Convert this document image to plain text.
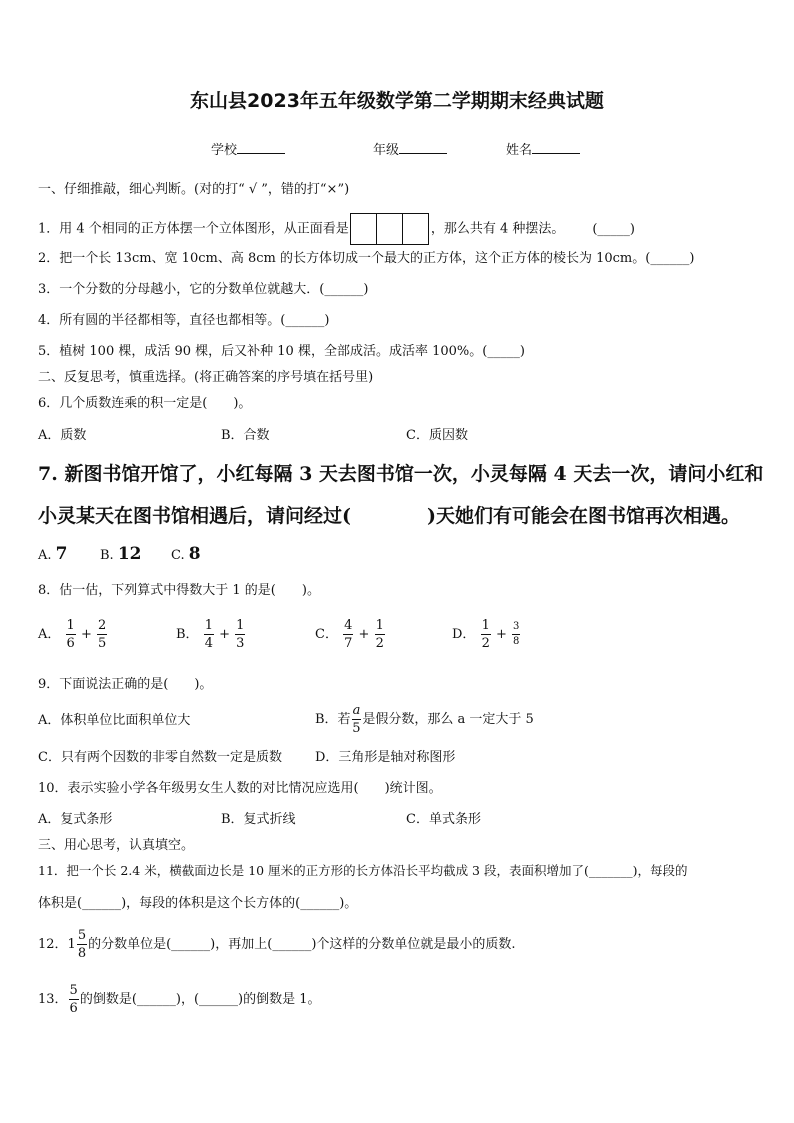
东山县2023年五年级数学第二学期期末经典试题
学校	年级	姓名
一、仔细推敲，细心判断。(对的打“ √ ”，错的打“×”)
1．用 4 个相同的正方体摆一个立体图形，从正面看是	，那么共有 4 种摆法。 (_____)
2．把一个长 13cm、宽 10cm、高 8cm 的长方体切成一个最大的正方体，这个正方体的棱长为 10cm。(______)
3．一个分数的分母越小，它的分数单位就越大．(______)
4．所有圆的半径都相等，直径也都相等。(______)
5．植树 100 棵，成活 90 棵，后又补种 10 棵，全部成活。成活率 100%。(_____)
二、反复思考，慎重选择。(将正确答案的序号填在括号里)
6．几个质数连乘的积一定是(　　)。
A．质数	B．合数	C．质因数
7. 新图书馆开馆了，小红每隔 3 天去图书馆一次，小灵每隔 4 天去一次，请问小红和
小灵某天在图书馆相遇后，请问经过(　　　　)天她们有可能会在图书馆再次相遇。
A. 7 B. 12 C. 8
8．估一估，下列算式中得数大于 1 的是(　　)。
A． $\frac{1}{6} + \frac{2}{5}$	B． $\frac{1}{4} + \frac{1}{3}$	C． $\frac{4}{7} + \frac{1}{2}$	D． $\frac{1}{2} + \frac{3}{8}$
9．下面说法正确的是(　　)。
A．体积单位比面积单位大	B．若 $\frac{a}{5}$ 是假分数，那么 a 一定大于 5
C．只有两个因数的非零自然数一定是质数	D．三角形是轴对称图形
10．表示实验小学各年级男女生人数的对比情况应选用(　　)统计图。
A．复式条形	B．复式折线	C．单式条形
三、用心思考，认真填空。
11．把一个长 2.4 米，横截面边长是 10 厘米的正方形的长方体沿长平均截成 3 段，表面积增加了(_______)，每段的
体积是(______)，每段的体积是这个长方体的(______)。
12．$1 \frac{5}{8}$ 的分数单位是(______)，再加上(______)个这样的分数单位就是最小的质数.
13． $\frac{5}{6}$ 的倒数是(______)，(______)的倒数是 1。
